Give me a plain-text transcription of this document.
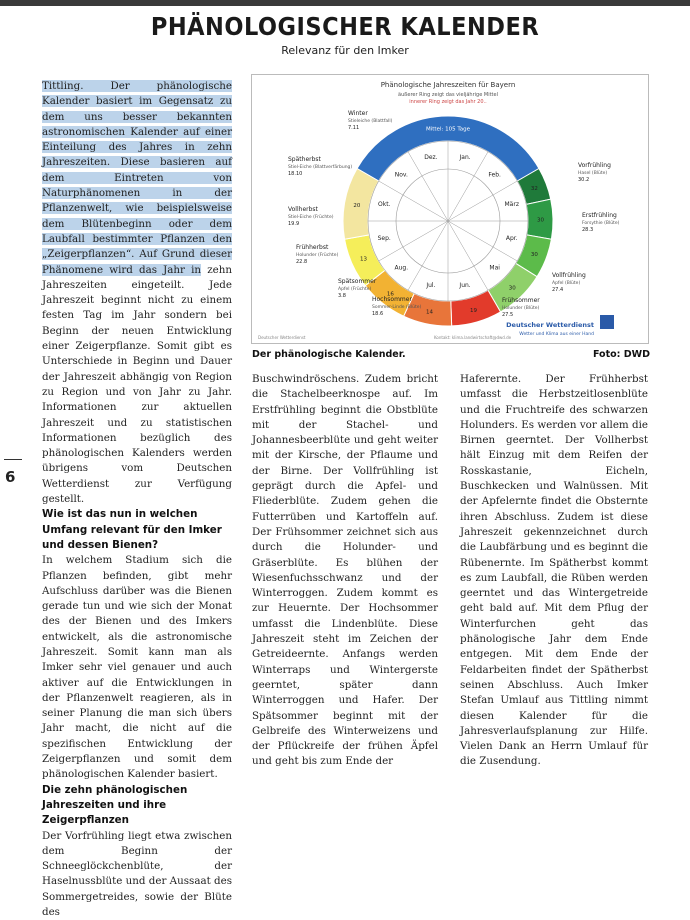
PHÄNOLOGISCHER KALENDER
Relevanz für den Imker

Tittling. Der phänologische Kalender basiert im Gegensatz zu dem uns besser bekannten astronomischen Kalender auf einer Einteilung des Jahres in zehn Jahreszeiten. Diese basieren auf dem Eintreten von Naturphänomenen in der Pflanzenwelt, wie beispielsweise dem Blütenbeginn oder dem Laubfall bestimmter Pflanzen den „Zeigerpflanzen“. Auf Grund dieser Phänomene wird das Jahr in zehn Jahreszeiten eingeteilt. Jede Jahreszeit beginnt nicht zu einem festen Tag im Jahr sondern bei Beginn der neuen Entwicklung einer Zeigerpflanze. Somit gibt es Unterschiede in Beginn und Dauer der Jahreszeit abhängig von Region zu Region und von Jahr zu Jahr. Informationen zur aktuellen Jahreszeit und zu statistischen Informationen bezüglich des phänologischen Kalenders werden übrigens vom Deutschen Wetterdienst zur Verfügung gestellt.

Wie ist das nun in welchen Umfang relevant für den Imker und dessen Bienen?

In welchem Stadium sich die Pflanzen befinden, gibt mehr Aufschluss darüber was die Bienen gerade tun und wie sich der Monat des der Bienen und des Imkers entwickelt, als die astronomische Jahreszeit. Somit kann man als Imker sehr viel genauer und auch aktiver auf die Entwicklungen in der Pflanzenwelt reagieren, als in seiner Planung die man sich übers Jahr macht, die nicht auf die spezifischen Entwicklung der Zeigerpflanzen und somit dem phänologischen Kalender basiert.

Die zehn phänologischen Jahreszeiten und ihre Zeigerpflanzen

Der Vorfrühling liegt etwa zwischen dem Beginn der Schneeglöckchenblüte, der Haselnussblüte und der Aussaat des Sommergetreides, sowie der Blüte des

6
Phänologische Jahreszeiten für Bayern
äußerer Ring zeigt das vieljährige Mittel
innerer Ring zeigt das Jahr 20..
Mittel: 105 Tage
32
30
30
30
19
14
16
13
20
Jan.
Feb.
März
Apr.
Mai
Jun.
Jul.
Aug.
Sep.
Okt.
Nov.
Dez.
Winter
Stieleiche (Blattfall)
7.11
Vorfrühling
Hasel (Blüte)
30.2
Erstfrühling
Forsythie (Blüte)
28.3
Vollfrühling
Apfel (Blüte)
27.4
Frühsommer
Holunder (Blüte)
27.5
Hochsommer
Sommer-Linde (Blüte)
18.6
Spätsommer
Apfel (Früchte)
3.8
Frühherbst
Holunder (Früchte)
22.8
Vollherbst
Stiel-Eiche (Früchte)
19.9
Spätherbst
Stiel-Eiche (Blattverfärbung)
18.10
Deutscher Wetterdienst
Wetter und Klima aus einer Hand
Deutscher Wetterdienst	Kontakt: klima.landwirtschaft@dwd.de
Der phänologische Kalender.	Foto: DWD

Buschwindröschens. Zudem bricht die Stachelbeerknospe auf. Im Erstfrühling beginnt die Obstblüte mit der Stachel- und Johannesbeerblüte und geht weiter mit der Kirsche, der Pflaume und der Birne. Der Vollfrühling ist geprägt durch die Apfel- und Fliederblüte. Zudem gehen die Futterrüben und Kartoffeln auf. Der Frühsommer zeichnet sich aus durch die Holunder- und Gräserblüte. Es blühen der Wiesenfuchsschwanz und der Winterroggen. Zudem kommt es zur Heuernte. Der Hochsommer umfasst die Lindenblüte. Diese Jahreszeit steht im Zeichen der Getreideernte. Anfangs werden Winterraps und Wintergerste geerntet, später dann Winterroggen und Hafer. Der Spätsommer beginnt mit der Gelbreife des Winterweizens und der Pflückreife der frühen Äpfel und geht bis zum Ende der

Haferernte. Der Frühherbst umfasst die Herbstzeitlosenblüte und die Fruchtreife des schwarzen Holunders. Es werden vor allem die Birnen geerntet. Der Vollherbst hält Einzug mit dem Reifen der Rosskastanie, Eicheln, Buschkecken und Walnüssen. Mit der Apfelernte findet die Obsternte ihren Abschluss. Zudem ist diese Jahreszeit gekennzeichnet durch die Laubfärbung und es beginnt die Rübenernte. Im Spätherbst kommt es zum Laubfall, die Rüben werden geerntet und das Wintergetreide geht bald auf. Mit dem Pflug der Winterfurchen geht das phänologische Jahr dem Ende entgegen. Mit dem Ende der Feldarbeiten findet der Spätherbst seinen Abschluss. Auch Imker Stefan Umlauf aus Tittling nimmt diesen Kalender für die Jahresverlaufsplanung zur Hilfe. Vielen Dank an Herrn Umlauf für die Zusendung.
